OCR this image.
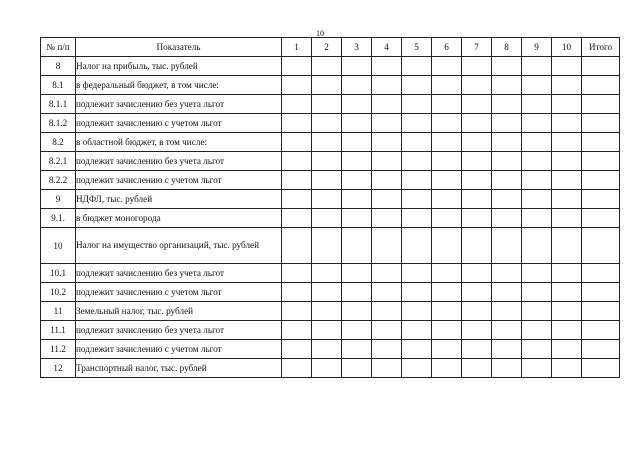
10
№ п/п	Показатель	1	2	3	4	5	6	7	8	9	10	Итого
8	Налог на прибыль, тыс. рублей											
8.1	в федеральный бюджет, в том числе:											
8.1.1	подлежит зачислению без учета льгот											
8.1.2	подлежит зачислению с учетом льгот											
8.2	в областной бюджет, в том числе:											
8.2.1	подлежит зачислению без учета льгот											
8.2.2	подлежит зачислению с учетом льгот											
9	НДФЛ, тыс. рублей											
9.1.	в бюджет моногорода											
10	Налог на имущество организаций, тыс. рублей											
10.1	подлежит зачислению без учета льгот											
10.2	подлежит зачислению с учетом льгот											
11	Земельный налог, тыс. рублей											
11.1	подлежит зачислению без учета льгот											
11.2	подлежит зачислению с учетом льгот											
12	Транспортный налог, тыс. рублей											
